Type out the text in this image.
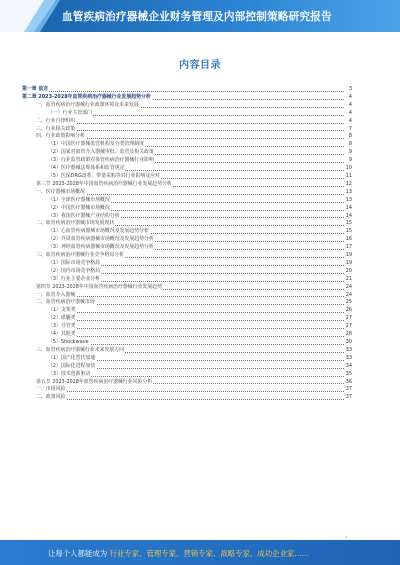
血管疾病治疗器械企业财务管理及内部控制策略研究报告
内容目录
第一章 前言	3
第二章 2023-2028年血管疾病治疗器械行业发展趋势分析	4
一、血管疾病治疗器械行业政策环境及未来发展	4
（一）行业主管部门	4
二、行业自律组织	4
三、行业相关政策	7
四、行业政策影响分析	8
（1）中国医疗器械监管机构及分类管理制度	8
（2）国家对血管介入器械审批、监管及相关政策	9
（3）行业监管政策对血管疾病治疗器械行业影响	9
（4）医疗器械法规体系和监管规定	10
（5）医保DRG改革、带量采购等对行业影响及应对	11
第三节 2023-2028年中国血管疾病治疗器械行业发展趋势分析	12
一、医疗器械市场概况	13
（1）全球医疗器械市场概况	13
（2）中国医疗器械市场概况	14
（3）我国医疗器械产业结构分析	14
二、血管疾病治疗器械市场发展现状	15
（1）心血管疾病器械市场概况及发展趋势分析	15
（2）外周血管疾病器械市场概况及发展趋势分析	16
（3）神经血管疾病器械市场概况及发展趋势分析	17
三、血管疾病治疗器械行业竞争格局分析	19
（1）国际市场竞争格局	19
（2）国内市场竞争格局	20
（3）行业主要企业分析	21
第四节 2023-2028年中国血管疾病治疗器械行业发展趋势	24
一、血管介入器械	24
二、血管疾病治疗器械市场	25
（1）支架类	26
（2）球囊类	27
（3）导管类	27
（4）其他类	28
（5）Shockwave	30
三、血管疾病治疗器械行业未来发展方向	33
（1）国产化替代加速	33
（2）国际化进程加快	34
（3）技术创新驱动	35
第五节 2023-2028年血管疾病治疗器械行业风险分析	36
一、市场风险	37
二、政策风险	37
1
让每个人都能成为 行业专家、管理专家、营销专家、战略专家、成功企业家……
